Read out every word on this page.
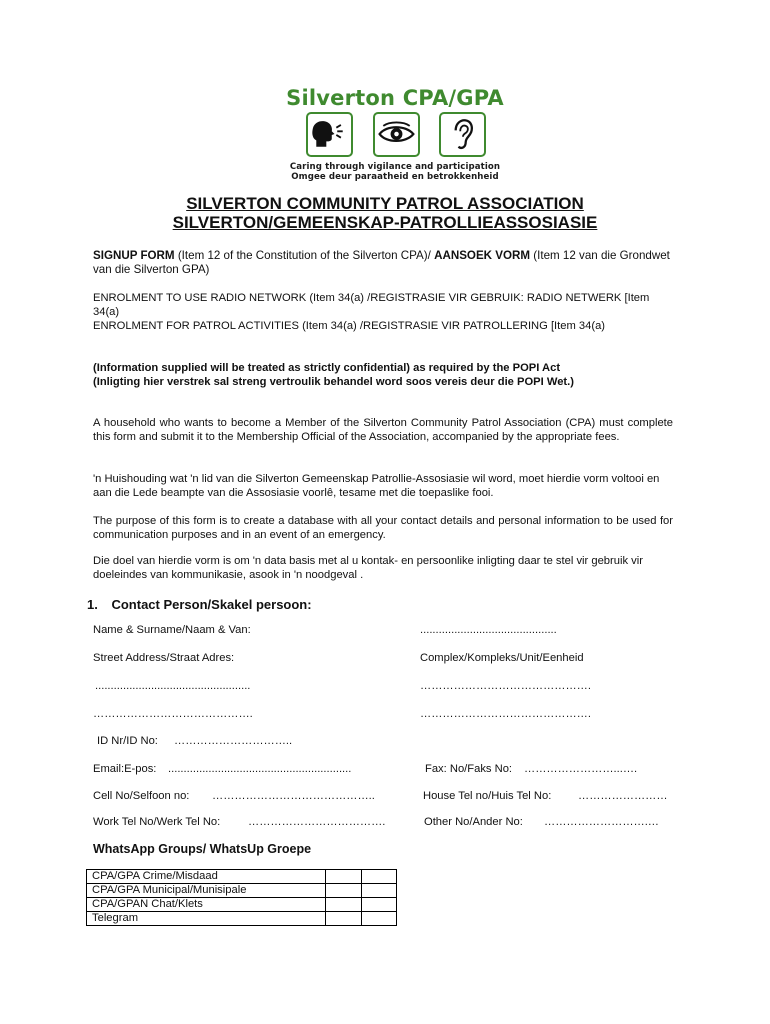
Silverton CPA/GPA
Caring through vigilance and participation
Omgee deur paraatheid en betrokkenheid
SILVERTON COMMUNITY PATROL ASSOCIATION
SILVERTON/GEMEENSKAP-PATROLLIEASSOSIASIE
SIGNUP FORM (Item 12 of the Constitution of the Silverton CPA)/ AANSOEK VORM (Item 12 van die Grondwet van die Silverton GPA)
ENROLMENT TO USE RADIO NETWORK (Item 34(a) /REGISTRASIE VIR GEBRUIK: RADIO NETWERK [Item 34(a)
ENROLMENT FOR PATROL ACTIVITIES (Item 34(a) /REGISTRASIE VIR PATROLLERING [Item 34(a)
(Information supplied will be treated as strictly confidential) as required by the POPI Act
(Inligting hier verstrek sal streng vertroulik behandel word soos vereis deur die POPI Wet.)
A household who wants to become a Member of the Silverton Community Patrol Association (CPA) must complete this form and submit it to the Membership Official of the Association, accompanied by the appropriate fees.
'n Huishouding wat 'n lid van die Silverton Gemeenskap Patrollie-Assosiasie wil word, moet hierdie vorm voltooi en aan die Lede beampte van die Assosiasie voorlê, tesame met die toepaslike fooi.
The purpose of this form is to create a database with all your contact details and personal information to be used for communication purposes and in an event of an emergency.
Die doel van hierdie vorm is om 'n data basis met al u kontak- en persoonlike inligting daar te stel vir gebruik vir doeleindes van kommunikasie, asook in 'n noodgeval .
1. Contact Person/Skakel persoon:
Name & Surname/Naam & Van:	............................................
Street Address/Straat Adres:	Complex/Kompleks/Unit/Eenheid
..................................................	……………………………………….
…………………………………….	……………………………………….
ID Nr/ID No: …………………………..
Email:E-pos: ...........................................................	Fax: No/Faks No: ……………………...….
Cell No/Selfoon no: ……………………………………..	House Tel no/Huis Tel No: ……………………
Work Tel No/Werk Tel No: ……………………………….	Other No/Ander No: ……………………….…
WhatsApp Groups/ WhatsUp Groepe
CPA/GPA Crime/Misdaad		
CPA/GPA Municipal/Munisipale		
CPA/GPAN Chat/Klets		
Telegram		
